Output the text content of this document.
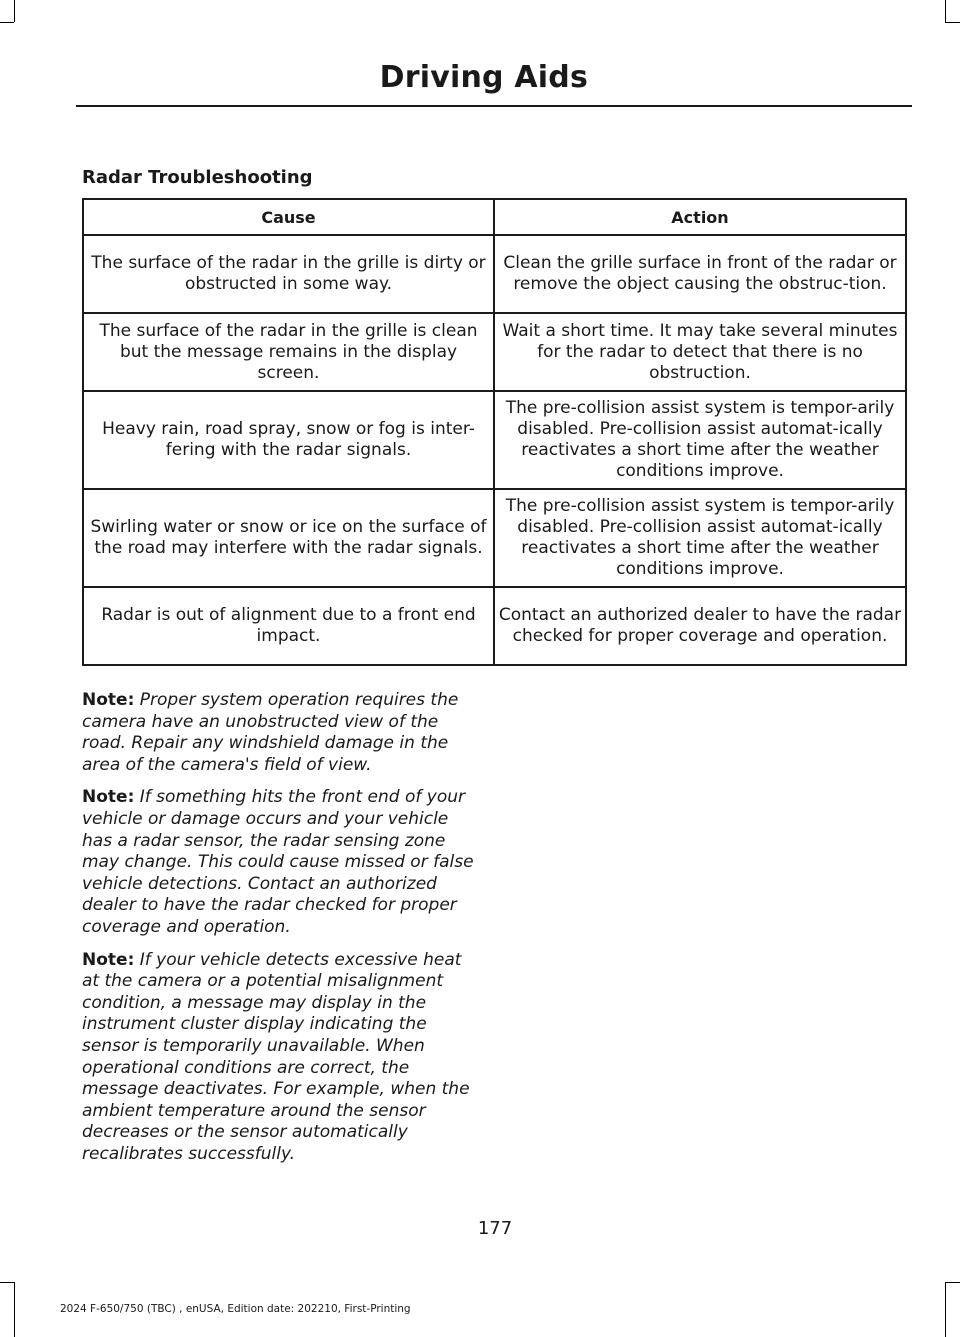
Driving Aids
Radar Troubleshooting
Cause	Action
The surface of the radar in the grille is dirty or obstructed in some way.	Clean the grille surface in front of the radar or remove the object causing the obstruc-tion.
The surface of the radar in the grille is clean but the message remains in the display screen.	Wait a short time. It may take several minutes for the radar to detect that there is no obstruction.
Heavy rain, road spray, snow or fog is inter-fering with the radar signals.	The pre-collision assist system is tempor-arily disabled. Pre-collision assist automat-ically reactivates a short time after the weather conditions improve.
Swirling water or snow or ice on the surface of the road may interfere with the radar signals.	The pre-collision assist system is tempor-arily disabled. Pre-collision assist automat-ically reactivates a short time after the weather conditions improve.
Radar is out of alignment due to a front end impact.	Contact an authorized dealer to have the radar checked for proper coverage and operation.

Note: Proper system operation requires the camera have an unobstructed view of the road. Repair any windshield damage in the area of the camera's field of view.

Note: If something hits the front end of your vehicle or damage occurs and your vehicle has a radar sensor, the radar sensing zone may change. This could cause missed or false vehicle detections. Contact an authorized dealer to have the radar checked for proper coverage and operation.

Note: If your vehicle detects excessive heat at the camera or a potential misalignment condition, a message may display in the instrument cluster display indicating the sensor is temporarily unavailable. When operational conditions are correct, the message deactivates. For example, when the ambient temperature around the sensor decreases or the sensor automatically recalibrates successfully.

177
2024 F-650/750 (TBC) , enUSA, Edition date: 202210, First-Printing
